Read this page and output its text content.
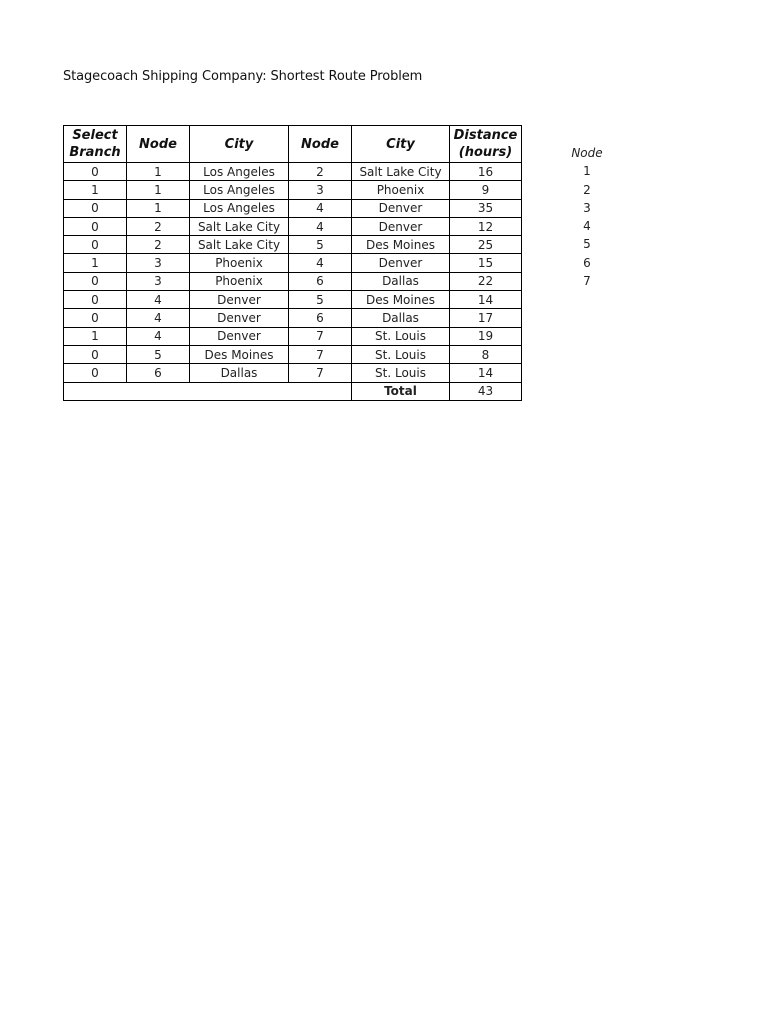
Stagecoach Shipping Company: Shortest Route Problem
Select
Branch	Node	City	Node	City	Distance
(hours)
0	1	Los Angeles	2	Salt Lake City	16
1	1	Los Angeles	3	Phoenix	9
0	1	Los Angeles	4	Denver	35
0	2	Salt Lake City	4	Denver	12
0	2	Salt Lake City	5	Des Moines	25
1	3	Phoenix	4	Denver	15
0	3	Phoenix	6	Dallas	22
0	4	Denver	5	Des Moines	14
0	4	Denver	6	Dallas	17
1	4	Denver	7	St. Louis	19
0	5	Des Moines	7	St. Louis	8
0	6	Dallas	7	St. Louis	14
				Total	43
Node
1
2
3
4
5
6
7
